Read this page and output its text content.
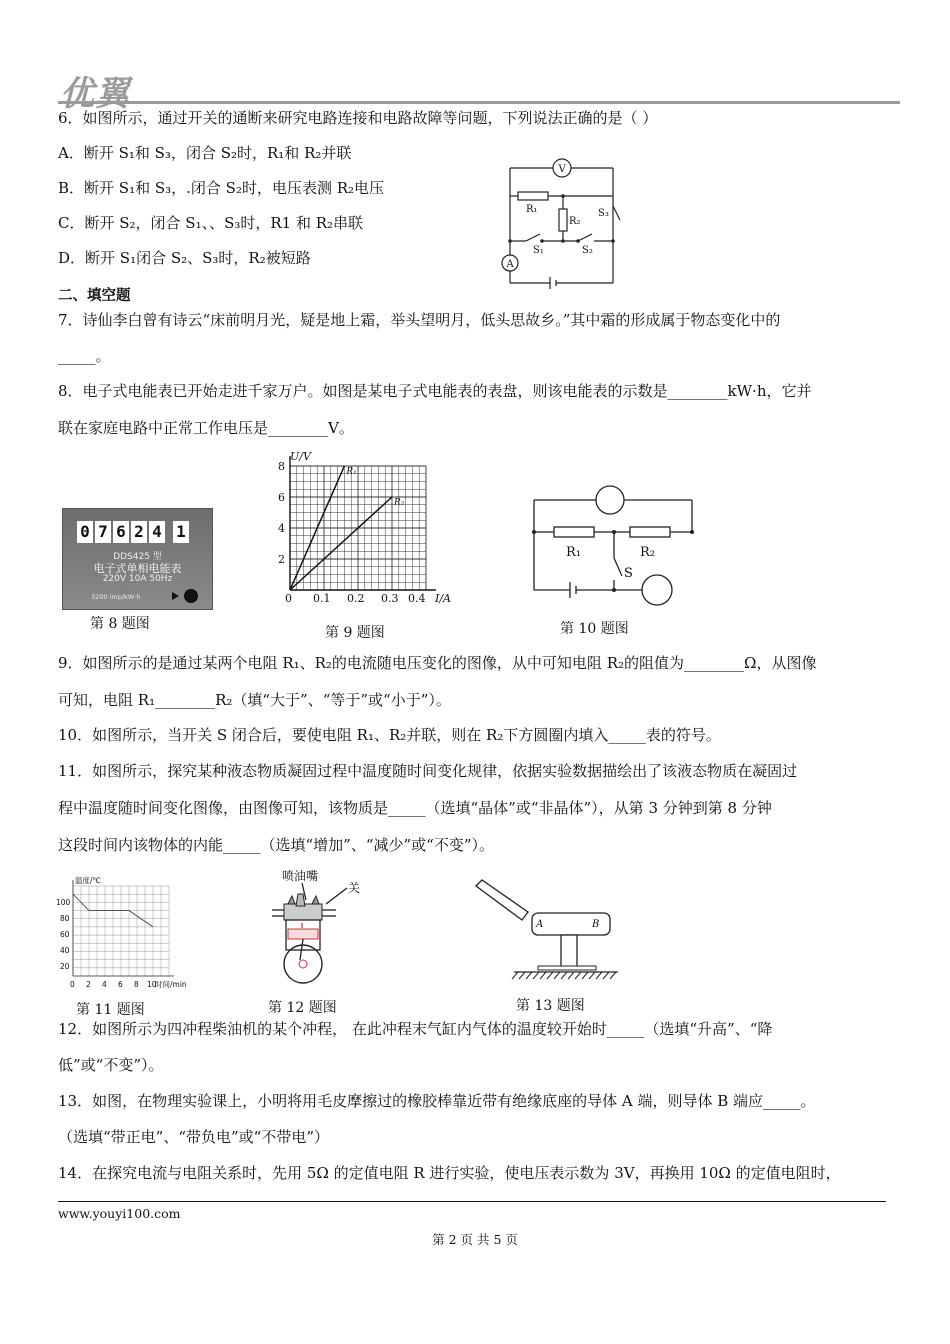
优翼
6．如图所示，通过开关的通断来研究电路连接和电路故障等问题，下列说法正确的是（ ）
A．断开 S₁和 S₃，闭合 S₂时，R₁和 R₂并联
B．断开 S₁和 S₃，.闭合 S₂时，电压表测 R₂电压
C．断开 S₂，闭合 S₁、、S₃时，R1 和 R₂串联
D．断开 S₁闭合 S₂、S₃时，R₂被短路
V
A
R₁
R₂
S₃
S₁	S₂
二、填空题
7．诗仙李白曾有诗云“床前明月光，疑是地上霜，举头望明月，低头思故乡。”其中霜的形成属于物态变化中的
_____。
8．电子式电能表已开始走进千家万户。如图是某电子式电能表的表盘，则该电能表的示数是________kW·h，它并
联在家庭电路中正常工作电压是________V。
0 7 6 2 4 1
DDS425 型
电子式单相电能表
220V 10A 50Hz
3200 imp/kW·h
第 8 题图
R₁
R₂
U/V
I/A
2
4
6
8
0 0.1 0.2 0.3 0.4
第 9 题图
R₁	R₂
S
第 10 题图
9．如图所示的是通过某两个电阻 R₁、R₂的电流随电压变化的图像，从中可知电阻 R₂的阻值为________Ω，从图像
可知，电阻 R₁________R₂（填“大于”、“等于”或“小于”）。
10．如图所示，当开关 S 闭合后，要使电阻 R₁、R₂并联，则在 R₂下方圆圈内填入_____表的符号。
11．如图所示，探究某种液态物质凝固过程中温度随时间变化规律，依据实验数据描绘出了该液态物质在凝固过
程中温度随时间变化图像，由图像可知，该物质是_____（选填“晶体”或“非晶体”），从第 3 分钟到第 8 分钟
这段时间内该物体的内能_____（选填“增加”、“减少”或“不变”）。
温度/℃
时间/min
20
40
60
80
100
0 2 4 6 8 10
第 11 题图
喷油嘴
关
第 12 题图
A	B
第 13 题图
12．如图所示为四冲程柴油机的某个冲程， 在此冲程末气缸内气体的温度较开始时_____（选填“升高”、“降
低”或“不变”）。
13．如图，在物理实验课上，小明将用毛皮摩擦过的橡胶棒靠近带有绝缘底座的导体 A 端，则导体 B 端应_____。
（选填“带正电”、“带负电”或“不带电”）
14．在探究电流与电阻关系时，先用 5Ω 的定值电阻 R 进行实验，使电压表示数为 3V，再换用 10Ω 的定值电阻时，
www.youyi100.com
第 2 页 共 5 页
